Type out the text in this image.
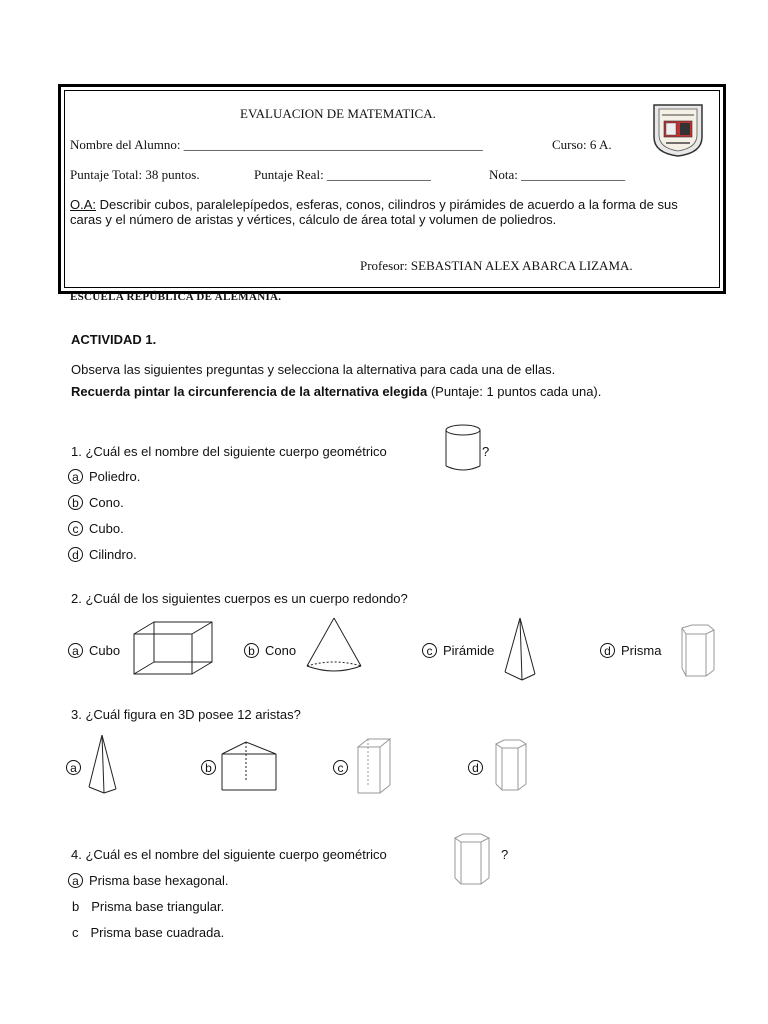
EVALUACION DE MATEMATICA.
Nombre del Alumno: ______________________________________________	Curso: 6 A.
Puntaje Total: 38 puntos.	Puntaje Real: ________________	Nota: ________________
O.A: Describir cubos, paralelepípedos, esferas, conos, cilindros y pirámides de acuerdo a la forma de sus caras y el número de aristas y vértices, cálculo de área total y volumen de poliedros.
Profesor: SEBASTIAN ALEX ABARCA LIZAMA.
ESCUELA REPÚBLICA DE ALEMANIA.
ACTIVIDAD 1.
Observa las siguientes preguntas y selecciona la alternativa para cada una de ellas.
Recuerda pintar la circunferencia de la alternativa elegida (Puntaje: 1 puntos cada una).
1. ¿Cuál es el nombre del siguiente cuerpo geométrico	?
a Poliedro.
b Cono.
c Cubo.
d Cilindro.
2. ¿Cuál de los siguientes cuerpos es un cuerpo redondo?
a Cubo	b Cono	c Pirámide	d Prisma
3. ¿Cuál figura en 3D posee 12 aristas?
a	b	c	d
4. ¿Cuál es el nombre del siguiente cuerpo geométrico	?
a Prisma base hexagonal.
b Prisma base triangular.
c Prisma base cuadrada.
